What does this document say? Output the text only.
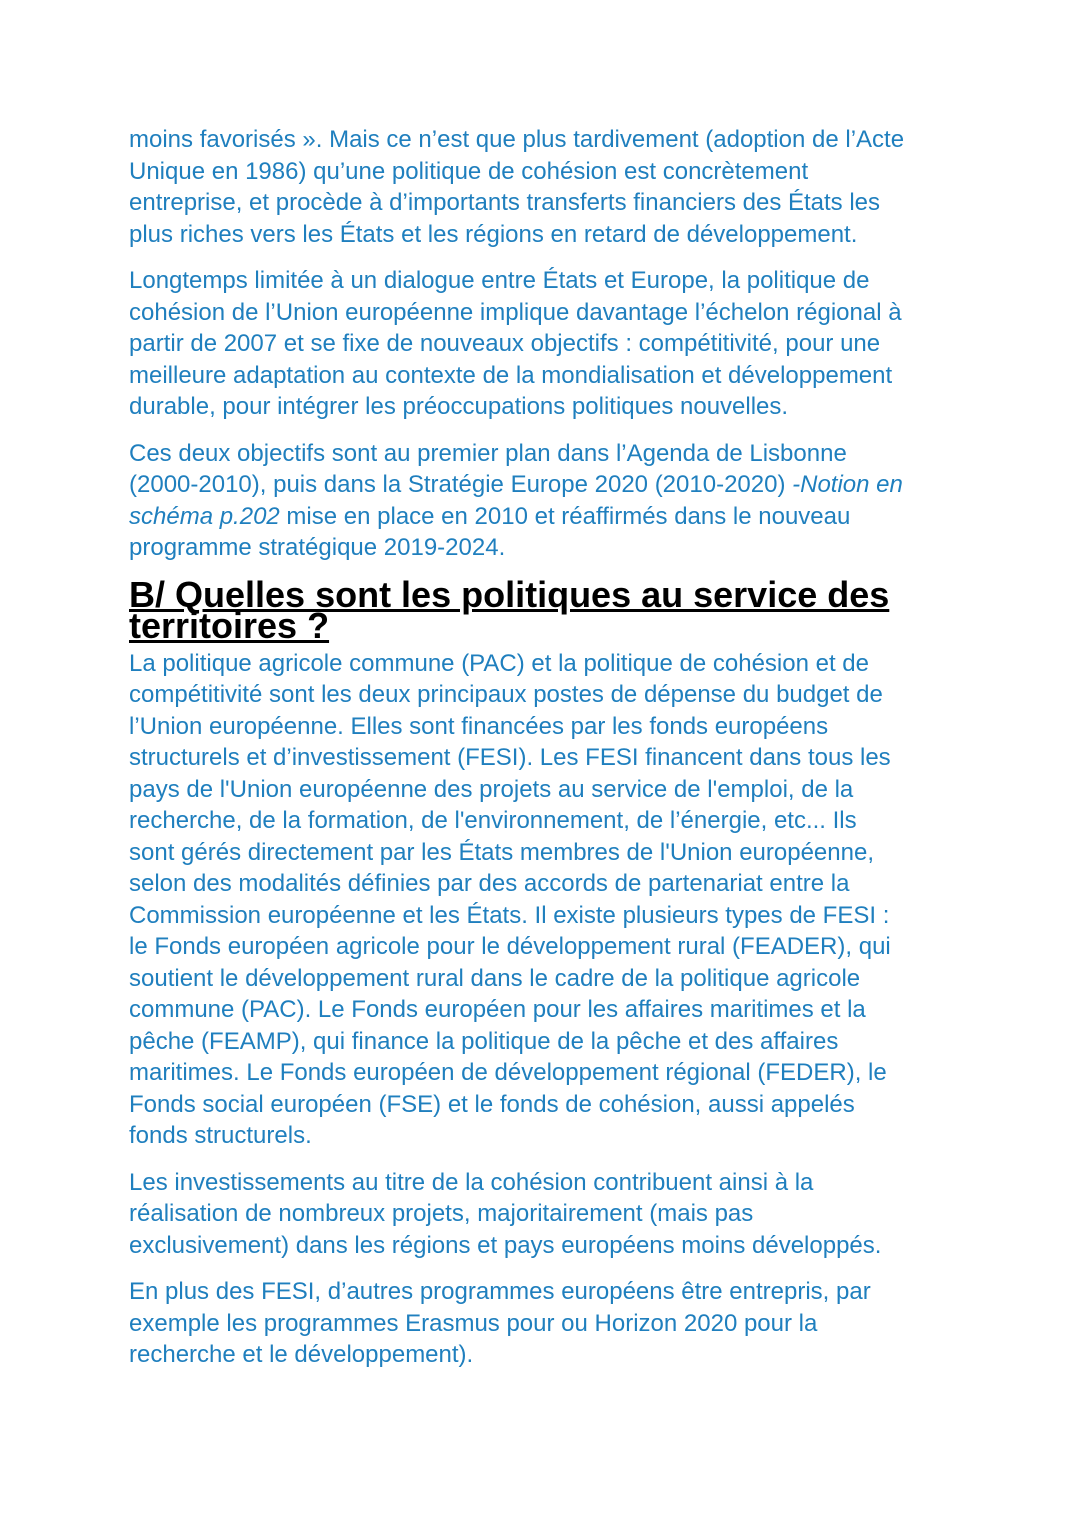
moins favorisés ». Mais ce n’est que plus tardivement (adoption de l’Acte
Unique en 1986) qu’une politique de cohésion est concrètement
entreprise, et procède à d’importants transferts financiers des États les
plus riches vers les États et les régions en retard de développement.

Longtemps limitée à un dialogue entre États et Europe, la politique de
cohésion de l’Union européenne implique davantage l’échelon régional à
partir de 2007 et se fixe de nouveaux objectifs : compétitivité, pour une
meilleure adaptation au contexte de la mondialisation et développement
durable, pour intégrer les préoccupations politiques nouvelles.

Ces deux objectifs sont au premier plan dans l’Agenda de Lisbonne
(2000-2010), puis dans la Stratégie Europe 2020 (2010-2020) -Notion en
schéma p.202 mise en place en 2010 et réaffirmés dans le nouveau
programme stratégique 2019-2024.

B/ Quelles sont les politiques au service des territoires ?

La politique agricole commune (PAC) et la politique de cohésion et de
compétitivité sont les deux principaux postes de dépense du budget de
l’Union européenne. Elles sont financées par les fonds européens
structurels et d’investissement (FESI). Les FESI financent dans tous les
pays de l'Union européenne des projets au service de l'emploi, de la
recherche, de la formation, de l'environnement, de l’énergie, etc... Ils
sont gérés directement par les États membres de l'Union européenne,
selon des modalités définies par des accords de partenariat entre la
Commission européenne et les États. Il existe plusieurs types de FESI :
le Fonds européen agricole pour le développement rural (FEADER), qui
soutient le développement rural dans le cadre de la politique agricole
commune (PAC). Le Fonds européen pour les affaires maritimes et la
pêche (FEAMP), qui finance la politique de la pêche et des affaires
maritimes. Le Fonds européen de développement régional (FEDER), le
Fonds social européen (FSE) et le fonds de cohésion, aussi appelés
fonds structurels.

Les investissements au titre de la cohésion contribuent ainsi à la
réalisation de nombreux projets, majoritairement (mais pas
exclusivement) dans les régions et pays européens moins développés.

En plus des FESI, d’autres programmes européens être entrepris, par
exemple les programmes Erasmus pour ou Horizon 2020 pour la
recherche et le développement).
